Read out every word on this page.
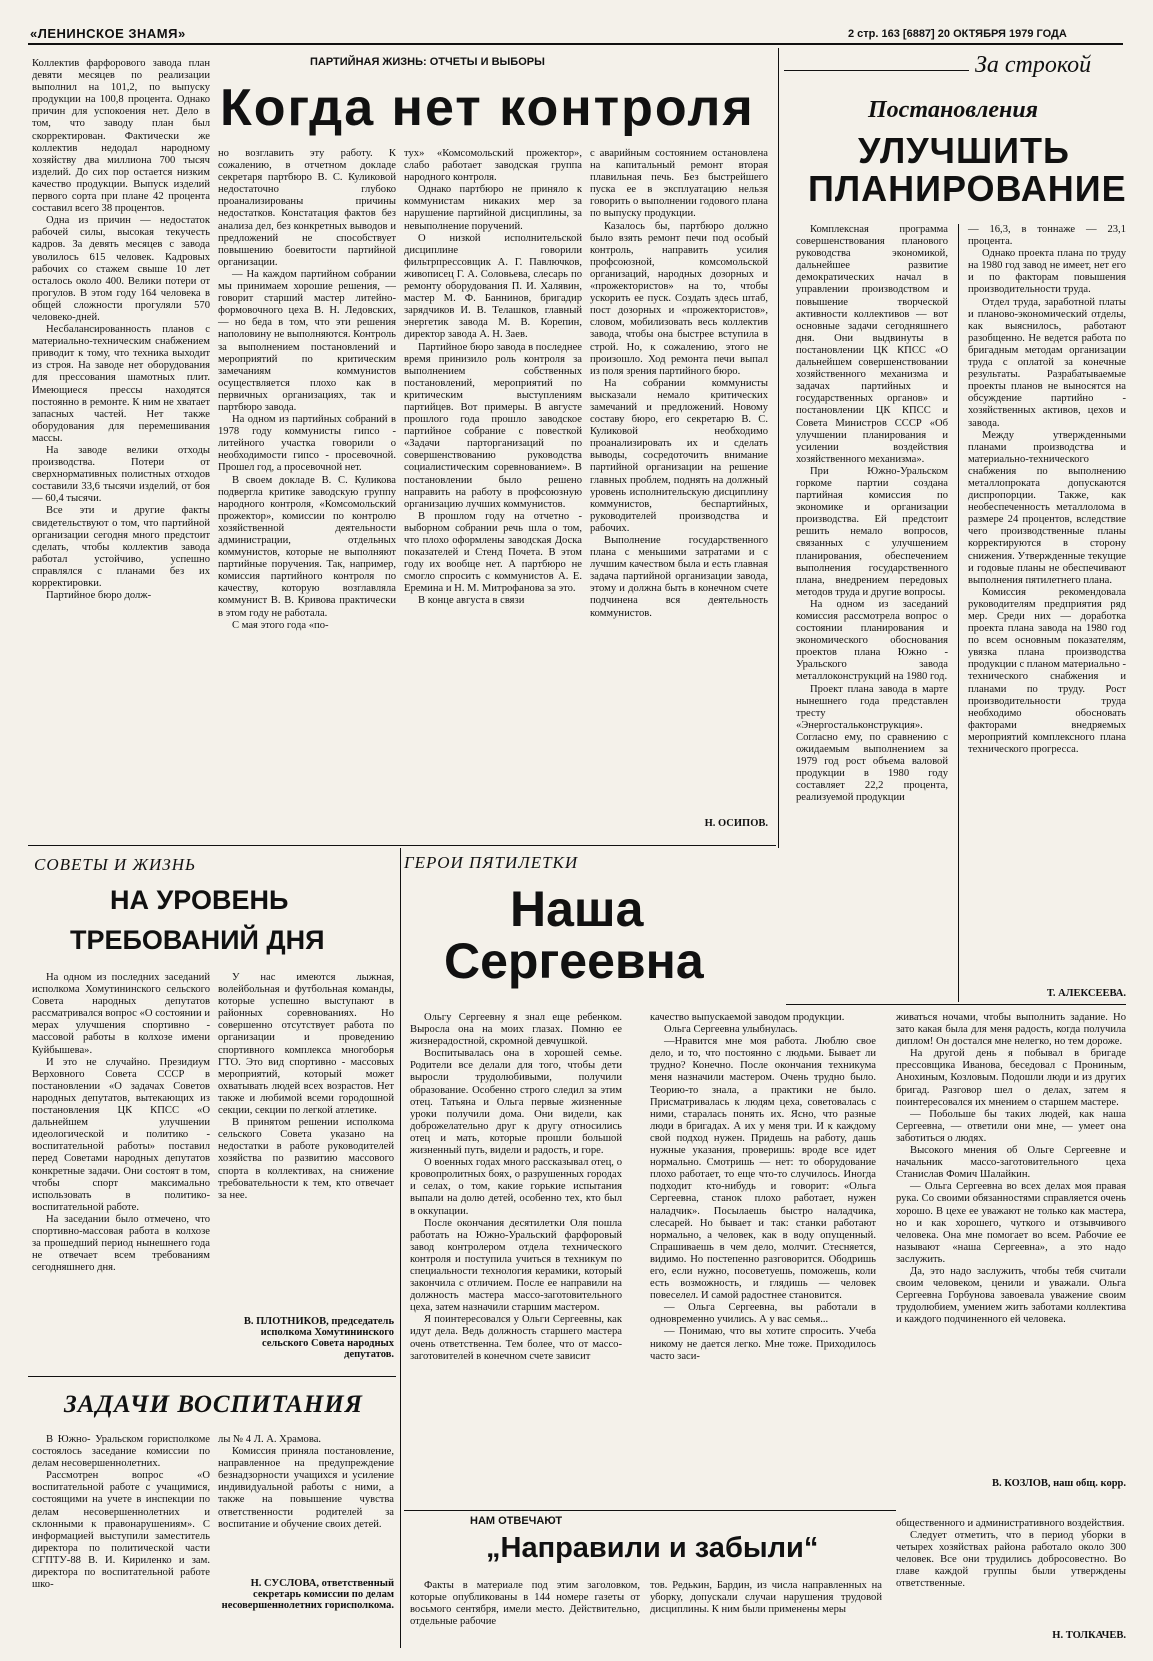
«ЛЕНИНСКОЕ ЗНАМЯ»	2 стр. 163 [6887] 20 ОКТЯБРЯ 1979 ГОДА
ПАРТИЙНАЯ ЖИЗНЬ: ОТЧЕТЫ И ВЫБОРЫ
Когда нет контроля

Коллектив фарфорового завода план девяти месяцев по реализации выполнил на 101,2, по выпуску продукции на 100,8 процента. Однако причин для успокоения нет. Дело в том, что заводу план был скорректирован. Фактически же коллектив недодал народному хозяйству два миллиона 700 тысяч изделий. До сих пор остается низким качество продукции. Выпуск изделий первого сорта при плане 42 процента составил всего 38 процентов.

Одна из причин — недостаток рабочей силы, высокая текучесть кадров. За девять месяцев с завода уволилось 615 человек. Кадровых рабочих со стажем свыше 10 лет осталось около 400. Велики потери от прогулов. В этом году 164 человека в общей сложности прогуляли 570 человеко-дней.

Несбалансированность планов с материально-техническим снабжением приводит к тому, что техника выходит из строя. На заводе нет оборудования для прессования шамотных плит. Имеющиеся прессы находятся постоянно в ремонте. К ним не хватает запасных частей. Нет также оборудования для перемешивания массы.

На заводе велики отходы производства. Потери от сверхнормативных полистных отходов составили 33,6 тысячи изделий, от боя — 60,4 тысячи.

Все эти и другие факты свидетельствуют о том, что партийной организации сегодня много предстоит сделать, чтобы коллектив завода работал устойчиво, успешно справлялся с планами без их корректировки.

Партийное бюро долж-

но возглавить эту работу. К сожалению, в отчетном докладе секретаря партбюро В. С. Куликовой недостаточно глубоко проанализированы причины недостатков. Констатация фактов без анализа дел, без конкретных выводов и предложений не способствует повышению боевитости партийной организации.

— На каждом партийном собрании мы принимаем хорошие решения, — говорит старший мастер литейно-формовочного цеха В. Н. Ледовских, — но беда в том, что эти решения наполовину не выполняются. Контроль за выполнением постановлений и мероприятий по критическим замечаниям коммунистов осуществляется плохо как в первичных организациях, так и партбюро завода.

На одном из партийных собраний в 1978 году коммунисты гипсо - литейного участка говорили о необходимости гипсо - просевочной. Прошел год, а просевочной нет.

В своем докладе В. С. Куликова подвергла критике заводскую группу народного контроля, «Комсомольский прожектор», комиссии по контролю хозяйственной деятельности администрации, отдельных коммунистов, которые не выполняют партийные поручения. Так, например, комиссия партийного контроля по качеству, которую возглавляла коммунист В. В. Кривова практически в этом году не работала.

С мая этого года «по-

тух» «Комсомольский прожектор», слабо работает заводская группа народного контроля.

Однако партбюро не приняло к коммунистам никаких мер за нарушение партийной дисциплины, за невыполнение поручений.

О низкой исполнительской дисциплине говорили фильтрпрессовщик А. Г. Павлючков, живописец Г. А. Соловьева, слесарь по ремонту оборудования П. И. Халявин, мастер М. Ф. Баннинов, бригадир зарядчиков И. В. Телашков, главный энергетик завода М. В. Корепин, директор завода А. Н. Заев.

Партийное бюро завода в последнее время принизило роль контроля за выполнением собственных постановлений, мероприятий по критическим выступлениям партийцев. Вот примеры. В августе прошлого года прошло заводское партийное собрание с повесткой «Задачи парторганизаций по совершенствованию руководства социалистическим соревнованием». В постановлении было решено направить на работу в профсоюзную организацию лучших коммунистов.

В прошлом году на отчетно - выборном собрании речь шла о том, что плохо оформлены заводская Доска показателей и Стенд Почета. В этом году их вообще нет. А партбюро не смогло спросить с коммунистов А. Е. Еремина и Н. М. Митрофанова за это.

В конце августа в связи

с аварийным состоянием остановлена на капитальный ремонт вторая плавильная печь. Без быстрейшего пуска ее в эксплуатацию нельзя говорить о выполнении годового плана по выпуску продукции.

Казалось бы, партбюро должно было взять ремонт печи под особый контроль, направить усилия профсоюзной, комсомольской организаций, народных дозорных и «прожектористов» на то, чтобы ускорить ее пуск. Создать здесь штаб, пост дозорных и «прожектористов», словом, мобилизовать весь коллектив завода, чтобы она быстрее вступила в строй. Но, к сожалению, этого не произошло. Ход ремонта печи выпал из поля зрения партийного бюро.

На собрании коммунисты высказали немало критических замечаний и предложений. Новому составу бюро, его секретарю В. С. Куликовой необходимо проанализировать их и сделать выводы, сосредоточить внимание партийной организации на решение главных проблем, поднять на должный уровень исполнительскую дисциплину коммунистов, беспартийных, руководителей производства и рабочих.

Выполнение государственного плана с меньшими затратами и с лучшим качеством была и есть главная задача партийной организации завода, этому и должна быть в конечном счете подчинена вся деятельность коммунистов.

Н. ОСИПОВ.
За строкой
Постановления
УЛУЧШИТЬ
ПЛАНИРОВАНИЕ

Комплексная программа совершенствования планового руководства экономикой, дальнейшее развитие демократических начал в управлении производством и повышение творческой активности коллективов — вот основные задачи сегодняшнего дня. Они выдвинуты в постановлении ЦК КПСС «О дальнейшем совершенствовании хозяйственного механизма и задачах партийных и государственных органов» и постановлении ЦК КПСС и Совета Министров СССР «Об улучшении планирования и усилении воздействия хозяйственного механизма».

При Южно-Уральском горкоме партии создана партийная комиссия по экономике и организации производства. Ей предстоит решить немало вопросов, связанных с улучшением планирования, обеспечением выполнения государственного плана, внедрением передовых методов труда и другие вопросы.

На одном из заседаний комиссия рассмотрела вопрос о состоянии планирования и экономического обоснования проектов плана Южно - Уральского завода металлоконструкций на 1980 год.

Проект плана завода в марте нынешнего года представлен тресту «Энергостальконструкция». Согласно ему, по сравнению с ожидаемым выполнением за 1979 год рост объема валовой продукции в 1980 году составляет 22,2 процента, реализуемой продукции

— 16,3, в тоннаже — 23,1 процента.

Однако проекта плана по труду на 1980 год завод не имеет, нет его и по факторам повышения производительности труда.

Отдел труда, заработной платы и планово-экономический отделы, как выяснилось, работают разобщенно. Не ведется работа по бригадным методам организации труда с оплатой за конечные результаты. Разрабатываемые проекты планов не выносятся на обсуждение партийно - хозяйственных активов, цехов и завода.

Между утвержденными планами производства и материально-технического снабжения по выполнению металлопроката допускаются диспропорции. Также, как необеспеченность металлолома в размере 24 процентов, вследствие чего производственные планы корректируются в сторону снижения. Утвержденные текущие и годовые планы не обеспечивают выполнения пятилетнего плана.

Комиссия рекомендовала руководителям предприятия ряд мер. Среди них — доработка проекта плана завода на 1980 год по всем основным показателям, увязка плана производства продукции с планом материально - технического снабжения и планами по труду. Рост производительности труда необходимо обосновать факторами внедряемых мероприятий комплексного плана технического прогресса.

Т. АЛЕКСЕЕВА.
СОВЕТЫ И ЖИЗНЬ
НА УРОВЕНЬ
ТРЕБОВАНИЙ ДНЯ

На одном из последних заседаний исполкома Хомутининского сельского Совета народных депутатов рассматривался вопрос «О состоянии и мерах улучшения спортивно - массовой работы в колхозе имени Куйбышева».

И это не случайно. Президиум Верховного Совета СССР в постановлении «О задачах Советов народных депутатов, вытекающих из постановления ЦК КПСС «О дальнейшем улучшении идеологической и политико - воспитательной работы» поставил перед Советами народных депутатов конкретные задачи. Они состоят в том, чтобы спорт максимально использовать в политико-воспитательной работе.

На заседании было отмечено, что спортивно-массовая работа в колхозе за прошедший период нынешнего года не отвечает всем требованиям сегодняшнего дня.

У нас имеются лыжная, волейбольная и футбольная команды, которые успешно выступают в районных соревнованиях. Но совершенно отсутствует работа по организации и проведению спортивного комплекса многоборья ГТО. Это вид спортивно - массовых мероприятий, который может охватывать людей всех возрастов. Нет также и любимой всеми городошной секции, секции по легкой атлетике.

В принятом решении исполкома сельского Совета указано на недостатки в работе руководителей хозяйства по развитию массового спорта в коллективах, на снижение требовательности к тем, кто отвечает за нее.

В. ПЛОТНИКОВ, председатель исполкома Хомутининского сельского Совета народных депутатов.
ЗАДАЧИ ВОСПИТАНИЯ

В Южно- Уральском горисполкоме состоялось заседание комиссии по делам несовершеннолетних.

Рассмотрен вопрос «О воспитательной работе с учащимися, состоящими на учете в инспекции по делам несовершеннолетних и склонными к правонарушениям». С информацией выступили заместитель директора по политической части СГПТУ-88 В. И. Кириленко и зам. директора по воспитательной работе шко-

лы № 4 Л. А. Храмова.

Комиссия приняла постановление, направленное на предупреждение безнадзорности учащихся и усиление индивидуальной работы с ними, а также на повышение чувства ответственности родителей за воспитание и обучение своих детей.

Н. СУСЛОВА, ответственный секретарь комиссии по делам несовершеннолетних горисполкома.
ГЕРОИ ПЯТИЛЕТКИ
Наша
Сергеевна

Ольгу Сергеевну я знал еще ребенком. Выросла она на моих глазах. Помню ее жизнерадостной, скромной девчушкой.

Воспитывалась она в хорошей семье. Родители все делали для того, чтобы дети выросли трудолюбивыми, получили образование. Особенно строго следил за этим отец. Татьяна и Ольга первые жизненные уроки получили дома. Они видели, как доброжелательно друг к другу относились отец и мать, которые прошли большой жизненный путь, видели и радость, и горе.

О военных годах много рассказывал отец, о кровопролитных боях, о разрушенных городах и селах, о том, какие горькие испытания выпали на долю детей, особенно тех, кто был в оккупации.

После окончания десятилетки Оля пошла работать на Южно-Уральский фарфоровый завод контролером отдела технического контроля и поступила учиться в техникум по специальности технология керамики, который закончила с отличием. После ее направили на должность мастера массо-заготовительного цеха, затем назначили старшим мастером.

Я поинтересовался у Ольги Сергеевны, как идут дела. Ведь должность старшего мастера очень ответственна. Тем более, что от массо-заготовителей в конечном счете зависит

качество выпускаемой заводом продукции.

Ольга Сергеевна улыбнулась.

—Нравится мне моя работа. Люблю свое дело, и то, что постоянно с людьми. Бывает ли трудно? Конечно. После окончания техникума меня назначили мастером. Очень трудно было. Теорию-то знала, а практики не было. Присматривалась к людям цеха, советовалась с ними, старалась понять их. Ясно, что разные люди в бригадах. А их у меня три. И к каждому свой подход нужен. Придешь на работу, дашь нужные указания, проверишь: вроде все идет нормально. Смотришь — нет: то оборудование плохо работает, то еще что-то случилось. Иногда подходит кто-нибудь и говорит: «Ольга Сергеевна, станок плохо работает, нужен наладчик». Посылаешь быстро наладчика, слесарей. Но бывает и так: станки работают нормально, а человек, как в воду опущенный. Спрашиваешь в чем дело, молчит. Стесняется, видимо. Но постепенно разговорится. Ободришь его, если нужно, посоветуешь, поможешь, коли есть возможность, и глядишь — человек повеселел. И самой радостнее становится.

— Ольга Сергеевна, вы работали в одновременно учились. А у вас семья...

— Понимаю, что вы хотите спросить. Учеба никому не дается легко. Мне тоже. Приходилось часто заси-

живаться ночами, чтобы выполнить задание. Но зато какая была для меня радость, когда получила диплом! Он достался мне нелегко, но тем дороже.

На другой день я побывал в бригаде прессовщика Иванова, беседовал с Прониным, Анохиным, Козловым. Подошли люди и из других бригад. Разговор шел о делах, затем я поинтересовался их мнением о старшем мастере.

— Побольше бы таких людей, как наша Сергеевна, — ответили они мне, — умеет она заботиться о людях.

Высокого мнения об Ольге Сергеевне и начальник массо-заготовительного цеха Станислав Фомич Шалайкин.

— Ольга Сергеевна во всех делах моя правая рука. Со своими обязанностями справляется очень хорошо. В цехе ее уважают не только как мастера, но и как хорошего, чуткого и отзывчивого человека. Она мне помогает во всем. Рабочие ее называют «наша Сергеевна», а это надо заслужить.

Да, это надо заслужить, чтобы тебя считали своим человеком, ценили и уважали. Ольга Сергеевна Горбунова завоевала уважение своим трудолюбием, умением жить заботами коллектива и каждого подчиненного ей человека.

В. КОЗЛОВ, наш общ. корр.
НАМ ОТВЕЧАЮТ
„Направили и забыли“

Факты в материале под этим заголовком, которые опубликованы в 144 номере газеты от восьмого сентября, имели место. Действительно, отдельные рабочие

тов. Редькин, Бардин, из числа направленных на уборку, допускали случаи нарушения трудовой дисциплины. К ним были применены меры

общественного и административного воздействия.

Следует отметить, что в период уборки в четырех хозяйствах района работало около 300 человек. Все они трудились добросовестно. Во главе каждой группы были утверждены ответственные.

Н. ТОЛКАЧЕВ.
